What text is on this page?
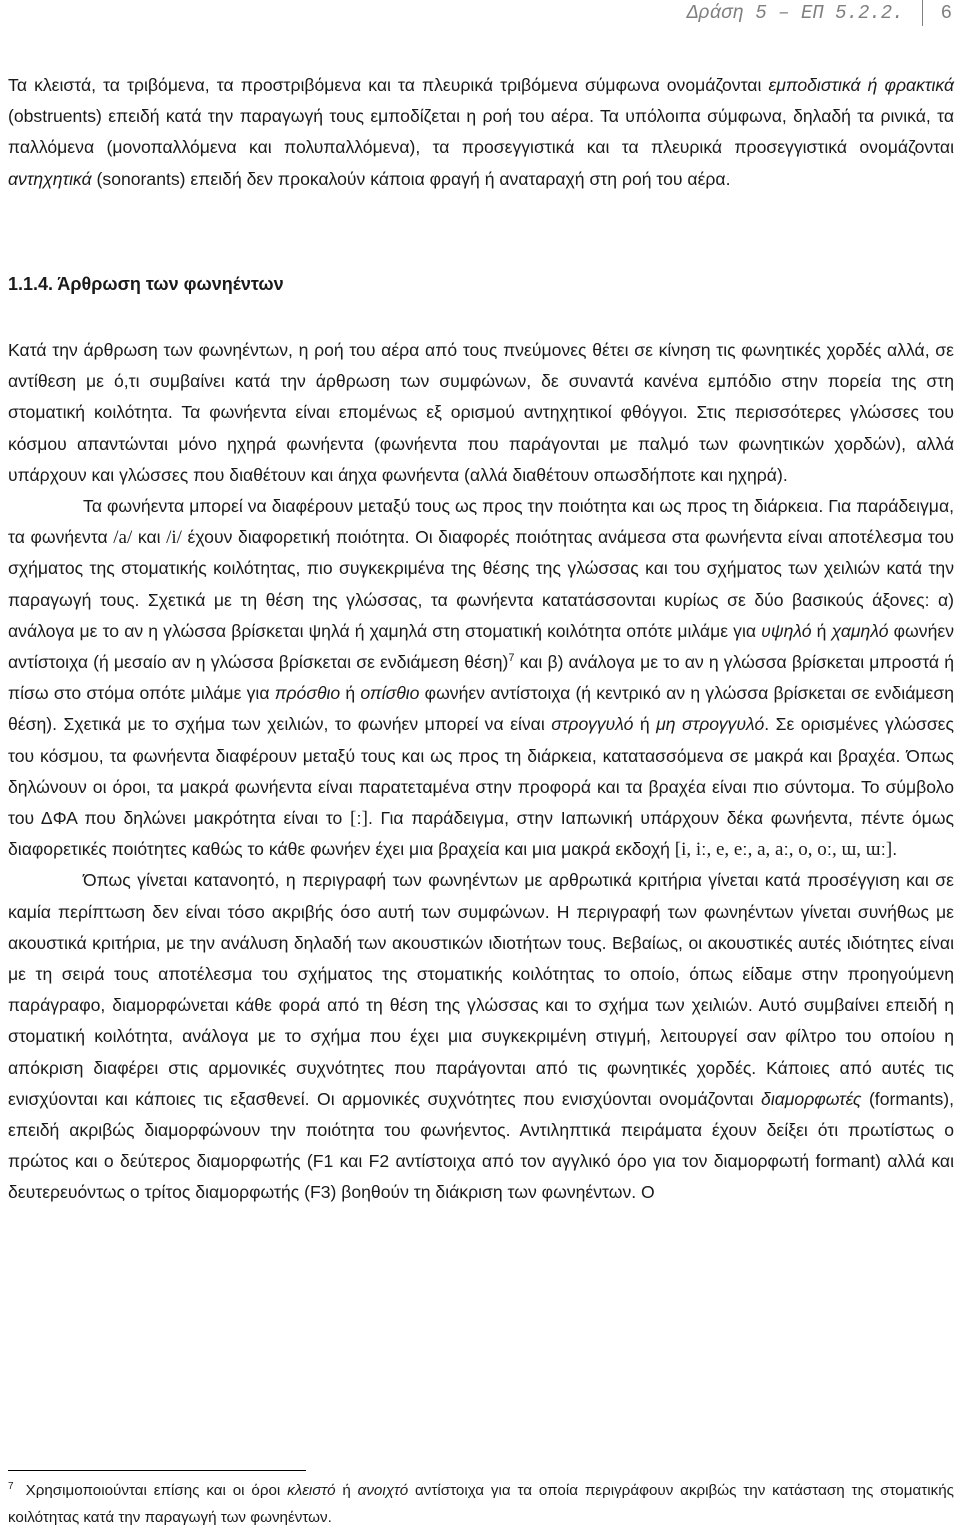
Δράση 5 – ΕΠ 5.2.2. 6

Τα κλειστά, τα τριβόμενα, τα προστριβόμενα και τα πλευρικά τριβόμενα σύμφωνα ονομάζονται εμποδιστικά ή φρακτικά (obstruents) επειδή κατά την παραγωγή τους εμποδίζεται η ροή του αέρα. Τα υπόλοιπα σύμφωνα, δηλαδή τα ρινικά, τα παλλόμενα (μονοπαλλόμενα και πολυπαλλόμενα), τα προσεγγιστικά και τα πλευρικά προσεγγιστικά ονομάζονται αντηχητικά (sonorants) επειδή δεν προκαλούν κάποια φραγή ή αναταραχή στη ροή του αέρα.

1.1.4. Άρθρωση των φωνηέντων

Κατά την άρθρωση των φωνηέντων, η ροή του αέρα από τους πνεύμονες θέτει σε κίνηση τις φωνητικές χορδές αλλά, σε αντίθεση με ό,τι συμβαίνει κατά την άρθρωση των συμφώνων, δε συναντά κανένα εμπόδιο στην πορεία της στη στοματική κοιλότητα. Τα φωνήεντα είναι επομένως εξ ορισμού αντηχητικοί φθόγγοι. Στις περισσότερες γλώσσες του κόσμου απαντώνται μόνο ηχηρά φωνήεντα (φωνήεντα που παράγονται με παλμό των φωνητικών χορδών), αλλά υπάρχουν και γλώσσες που διαθέτουν και άηχα φωνήεντα (αλλά διαθέτουν οπωσδήποτε και ηχηρά).

Τα φωνήεντα μπορεί να διαφέρουν μεταξύ τους ως προς την ποιότητα και ως προς τη διάρκεια. Για παράδειγμα, τα φωνήεντα /a/ και /i/ έχουν διαφορετική ποιότητα. Οι διαφορές ποιότητας ανάμεσα στα φωνήεντα είναι αποτέλεσμα του σχήματος της στοματικής κοιλότητας, πιο συγκεκριμένα της θέσης της γλώσσας και του σχήματος των χειλιών κατά την παραγωγή τους. Σχετικά με τη θέση της γλώσσας, τα φωνήεντα κατατάσσονται κυρίως σε δύο βασικούς άξονες: α) ανάλογα με το αν η γλώσσα βρίσκεται ψηλά ή χαμηλά στη στοματική κοιλότητα οπότε μιλάμε για υψηλό ή χαμηλό φωνήεν αντίστοιχα (ή μεσαίο αν η γλώσσα βρίσκεται σε ενδιάμεση θέση)$^7$ και β) ανάλογα με το αν η γλώσσα βρίσκεται μπροστά ή πίσω στο στόμα οπότε μιλάμε για πρόσθιο ή οπίσθιο φωνήεν αντίστοιχα (ή κεντρικό αν η γλώσσα βρίσκεται σε ενδιάμεση θέση). Σχετικά με το σχήμα των χειλιών, το φωνήεν μπορεί να είναι στρογγυλό ή μη στρογγυλό. Σε ορισμένες γλώσσες του κόσμου, τα φωνήεντα διαφέρουν μεταξύ τους και ως προς τη διάρκεια, κατατασσόμενα σε μακρά και βραχέα. Όπως δηλώνουν οι όροι, τα μακρά φωνήεντα είναι παρατεταμένα στην προφορά και τα βραχέα είναι πιο σύντομα. Το σύμβολο του ΔΦΑ που δηλώνει μακρότητα είναι το [ː]. Για παράδειγμα, στην Ιαπωνική υπάρχουν δέκα φωνήεντα, πέντε όμως διαφορετικές ποιότητες καθώς το κάθε φωνήεν έχει μια βραχεία και μια μακρά εκδοχή [i, iː, e, eː, a, aː, o, oː, ɯ, ɯː].

Όπως γίνεται κατανοητό, η περιγραφή των φωνηέντων με αρθρωτικά κριτήρια γίνεται κατά προσέγγιση και σε καμία περίπτωση δεν είναι τόσο ακριβής όσο αυτή των συμφώνων. Η περιγραφή των φωνηέντων γίνεται συνήθως με ακουστικά κριτήρια, με την ανάλυση δηλαδή των ακουστικών ιδιοτήτων τους. Βεβαίως, οι ακουστικές αυτές ιδιότητες είναι με τη σειρά τους αποτέλεσμα του σχήματος της στοματικής κοιλότητας το οποίο, όπως είδαμε στην προηγούμενη παράγραφο, διαμορφώνεται κάθε φορά από τη θέση της γλώσσας και το σχήμα των χειλιών. Αυτό συμβαίνει επειδή η στοματική κοιλότητα, ανάλογα με το σχήμα που έχει μια συγκεκριμένη στιγμή, λειτουργεί σαν φίλτρο του οποίου η απόκριση διαφέρει στις αρμονικές συχνότητες που παράγονται από τις φωνητικές χορδές. Κάποιες από αυτές τις ενισχύονται και κάποιες τις εξασθενεί. Οι αρμονικές συχνότητες που ενισχύονται ονομάζονται διαμορφωτές (formants), επειδή ακριβώς διαμορφώνουν την ποιότητα του φωνήεντος. Αντιληπτικά πειράματα έχουν δείξει ότι πρωτίστως ο πρώτος και ο δεύτερος διαμορφωτής (F1 και F2 αντίστοιχα από τον αγγλικό όρο για τον διαμορφωτή formant) αλλά και δευτερευόντως ο τρίτος διαμορφωτής (F3) βοηθούν τη διάκριση των φωνηέντων. Ο

$^7$ Χρησιμοποιούνται επίσης και οι όροι κλειστό ή ανοιχτό αντίστοιχα για τα οποία περιγράφουν ακριβώς την κατάσταση της στοματικής κοιλότητας κατά την παραγωγή των φωνηέντων.
